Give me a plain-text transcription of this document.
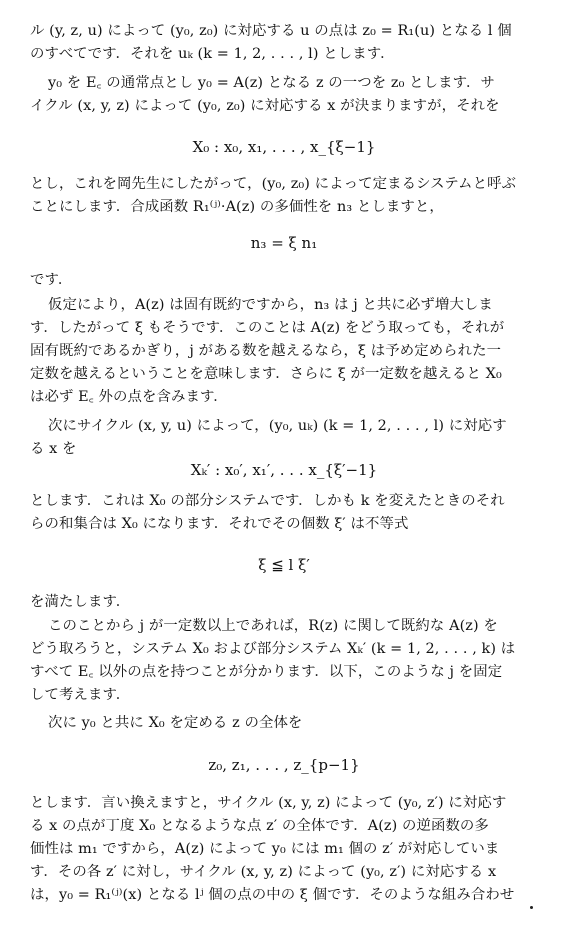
ル (y, z, u) によって (y₀, z₀) に対応する u の点は z₀ = R₁(u) となる l 個
のすべてです．それを uₖ (k = 1, 2, . . . , l) とします．
y₀ を E꜀ の通常点とし y₀ = A(z) となる z の一つを z₀ とします．サ
イクル (x, y, z) によって (y₀, z₀) に対応する x が決まりますが，それを
X₀ : x₀, x₁, . . . , x_{ξ−1}
とし，これを岡先生にしたがって，(y₀, z₀) によって定まるシステムと呼ぶ
ことにします．合成函数 R₁⁽ʲ⁾·A(z) の多価性を n₃ としますと，
n₃ = ξ n₁
です．
仮定により，A(z) は固有既約ですから，n₃ は j と共に必ず増大しま
す．したがって ξ もそうです．このことは A(z) をどう取っても，それが
固有既約であるかぎり，j がある数を越えるなら，ξ は予め定められた一
定数を越えるということを意味します．さらに ξ が一定数を越えると X₀
は必ず E꜀ 外の点を含みます．
次にサイクル (x, y, u) によって，(y₀, uₖ) (k = 1, 2, . . . , l) に対応す
る x を
Xₖ′ : x₀′, x₁′, . . . x_{ξ′−1}
とします．これは X₀ の部分システムです．しかも k を変えたときのそれ
らの和集合は X₀ になります．それでその個数 ξ′ は不等式
ξ ≦ l ξ′
を満たします．
このことから j が一定数以上であれば，R(z) に関して既約な A(z) を
どう取ろうと，システム X₀ および部分システム Xₖ′ (k = 1, 2, . . . , k) は
すべて E꜀ 以外の点を持つことが分かります．以下，このような j を固定
して考えます．
次に y₀ と共に X₀ を定める z の全体を
z₀, z₁, . . . , z_{p−1}
とします．言い換えますと，サイクル (x, y, z) によって (y₀, z′) に対応す
る x の点が丁度 X₀ となるような点 z′ の全体です．A(z) の逆函数の多
価性は m₁ ですから，A(z) によって y₀ には m₁ 個の z′ が対応していま
す．その各 z′ に対し，サイクル (x, y, z) によって (y₀, z′) に対応する x
は，y₀ = R₁⁽ʲ⁾(x) となる lʲ 個の点の中の ξ 個です．そのような組み合わせ
